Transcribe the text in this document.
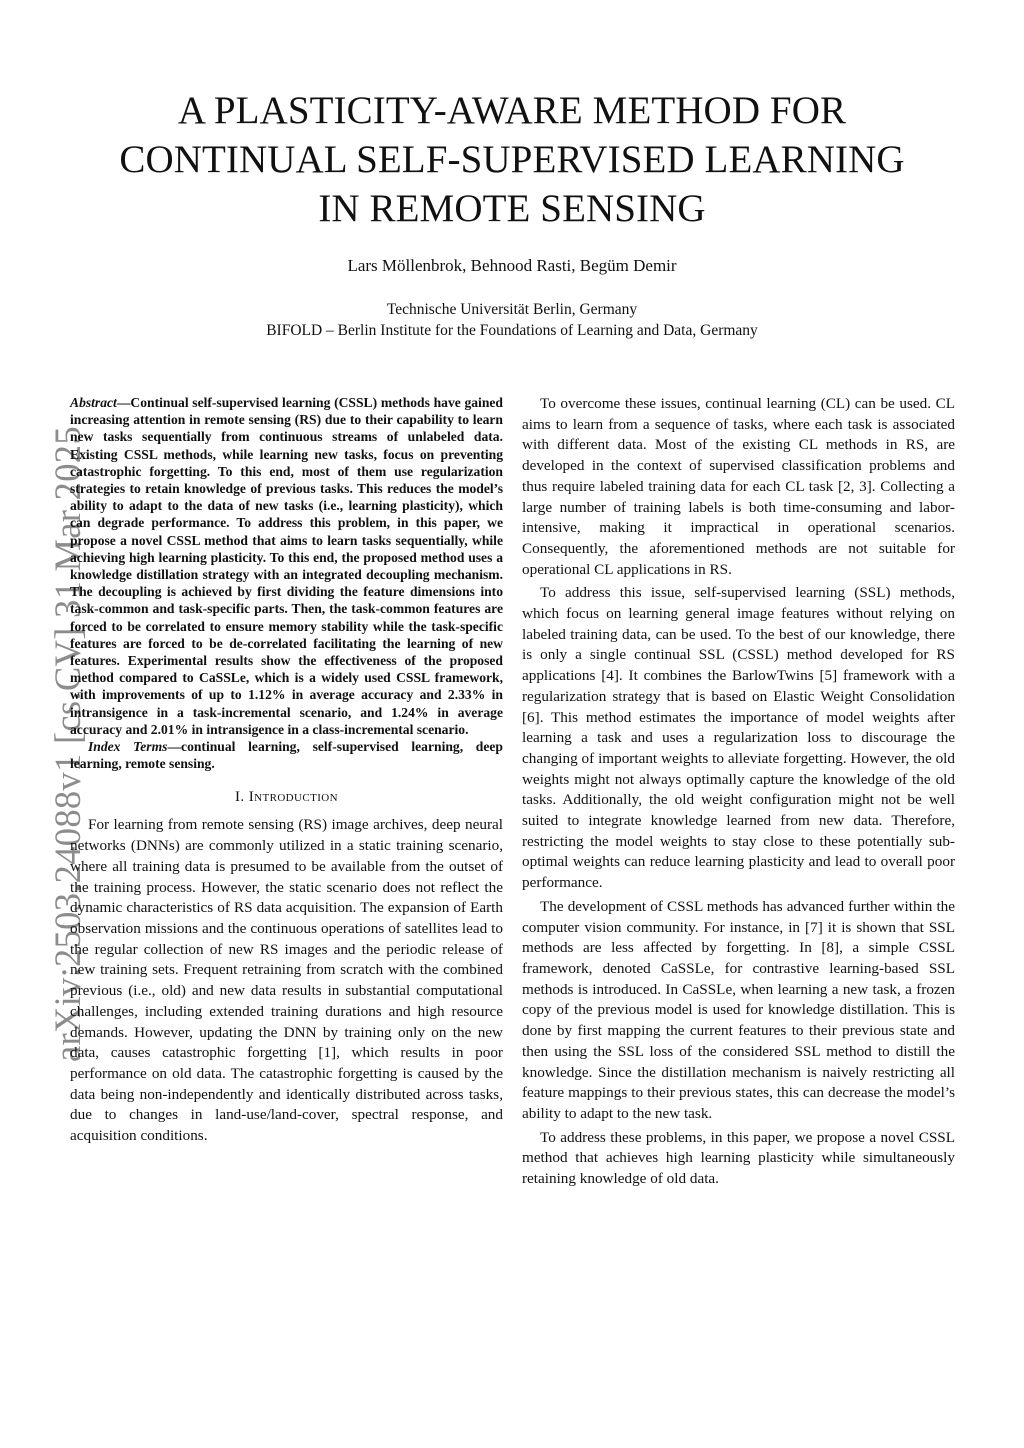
arXiv:2503.24088v1 [cs.CV] 31 Mar 2025
A PLASTICITY-AWARE METHOD FOR
CONTINUAL SELF-SUPERVISED LEARNING
IN REMOTE SENSING
Lars Möllenbrok, Behnood Rasti, Begüm Demir
Technische Universität Berlin, Germany
BIFOLD – Berlin Institute for the Foundations of Learning and Data, Germany

Abstract—Continual self-supervised learning (CSSL) methods have gained increasing attention in remote sensing (RS) due to their capability to learn new tasks sequentially from continuous streams of unlabeled data. Existing CSSL methods, while learning new tasks, focus on preventing catastrophic forgetting. To this end, most of them use regularization strategies to retain knowledge of previous tasks. This reduces the model’s ability to adapt to the data of new tasks (i.e., learning plasticity), which can degrade performance. To address this problem, in this paper, we propose a novel CSSL method that aims to learn tasks sequentially, while achieving high learning plasticity. To this end, the proposed method uses a knowledge distillation strategy with an integrated decoupling mechanism. The decoupling is achieved by first dividing the feature dimensions into task-common and task-specific parts. Then, the task-common features are forced to be correlated to ensure memory stability while the task-specific features are forced to be de-correlated facilitating the learning of new features. Experimental results show the effectiveness of the proposed method compared to CaSSLe, which is a widely used CSSL framework, with improvements of up to 1.12% in average accuracy and 2.33% in intransigence in a task-incremental scenario, and 1.24% in average accuracy and 2.01% in intransigence in a class-incremental scenario.

Index Terms—continual learning, self-supervised learning, deep learning, remote sensing.

I. Introduction

For learning from remote sensing (RS) image archives, deep neural networks (DNNs) are commonly utilized in a static training scenario, where all training data is presumed to be available from the outset of the training process. However, the static scenario does not reflect the dynamic characteristics of RS data acquisition. The expansion of Earth observation missions and the continuous operations of satellites lead to the regular collection of new RS images and the periodic release of new training sets. Frequent retraining from scratch with the combined previous (i.e., old) and new data results in substantial computational challenges, including extended training durations and high resource demands. However, updating the DNN by training only on the new data, causes catastrophic forgetting [1], which results in poor performance on old data. The catastrophic forgetting is caused by the data being non-independently and identically distributed across tasks, due to changes in land-use/land-cover, spectral response, and acquisition conditions.

To overcome these issues, continual learning (CL) can be used. CL aims to learn from a sequence of tasks, where each task is associated with different data. Most of the existing CL methods in RS, are developed in the context of supervised classification problems and thus require labeled training data for each CL task [2, 3]. Collecting a large number of training labels is both time-consuming and labor-intensive, making it impractical in operational scenarios. Consequently, the aforementioned methods are not suitable for operational CL applications in RS.

To address this issue, self-supervised learning (SSL) methods, which focus on learning general image features without relying on labeled training data, can be used. To the best of our knowledge, there is only a single continual SSL (CSSL) method developed for RS applications [4]. It combines the BarlowTwins [5] framework with a regularization strategy that is based on Elastic Weight Consolidation [6]. This method estimates the importance of model weights after learning a task and uses a regularization loss to discourage the changing of important weights to alleviate forgetting. However, the old weights might not always optimally capture the knowledge of the old tasks. Additionally, the old weight configuration might not be well suited to integrate knowledge learned from new data. Therefore, restricting the model weights to stay close to these potentially sub-optimal weights can reduce learning plasticity and lead to overall poor performance.

The development of CSSL methods has advanced further within the computer vision community. For instance, in [7] it is shown that SSL methods are less affected by forgetting. In [8], a simple CSSL framework, denoted CaSSLe, for contrastive learning-based SSL methods is introduced. In CaSSLe, when learning a new task, a frozen copy of the previous model is used for knowledge distillation. This is done by first mapping the current features to their previous state and then using the SSL loss of the considered SSL method to distill the knowledge. Since the distillation mechanism is naively restricting all feature mappings to their previous states, this can decrease the model’s ability to adapt to the new task.

To address these problems, in this paper, we propose a novel CSSL method that achieves high learning plasticity while simultaneously retaining knowledge of old data.
